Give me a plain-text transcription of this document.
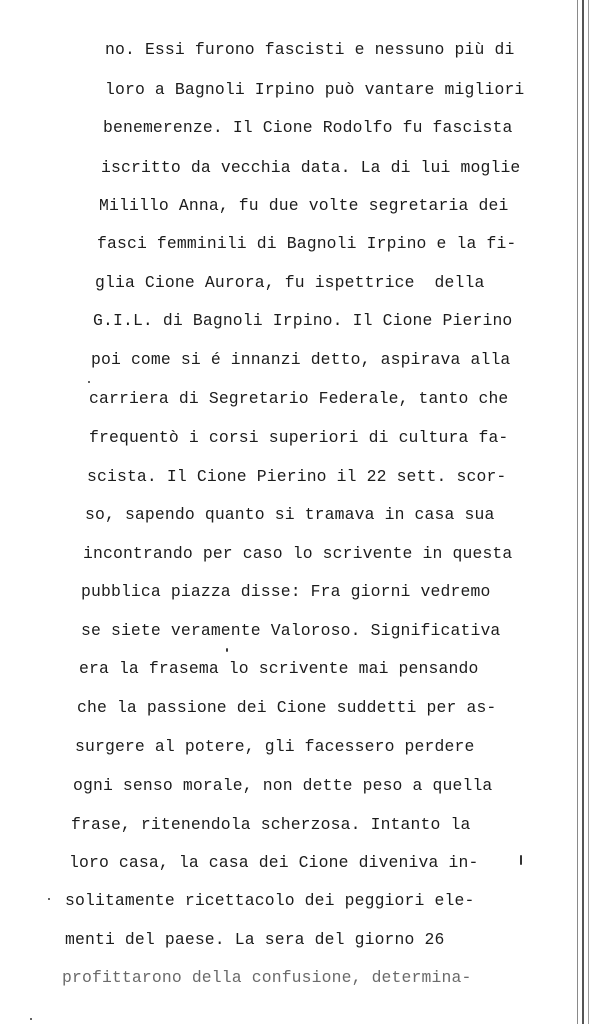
no. Essi furono fascisti e nessuno più di
loro a Bagnoli Irpino può vantare migliori
benemerenze. Il Cione Rodolfo fu fascista
iscritto da vecchia data. La di lui moglie
Milillo Anna, fu due volte segretaria dei
fasci femminili di Bagnoli Irpino e la fi-
glia Cione Aurora, fu ispettrice  della
G.I.L. di Bagnoli Irpino. Il Cione Pierino
poi come si é innanzi detto, aspirava alla
carriera di Segretario Federale, tanto che
frequentò i corsi superiori di cultura fa-
scista. Il Cione Pierino il 22 sett. scor-
so, sapendo quanto si tramava in casa sua
incontrando per caso lo scrivente in questa
pubblica piazza disse: Fra giorni vedremo
se siete veramente Valoroso. Significativa
era la frasema lo scrivente mai pensando
che la passione dei Cione suddetti per as-
surgere al potere, gli facessero perdere
ogni senso morale, non dette peso a quella
frase, ritenendola scherzosa. Intanto la
loro casa, la casa dei Cione diveniva in-
solitamente ricettacolo dei peggiori ele-
menti del paese. La sera del giorno 26
profittarono della confusione, determina-
